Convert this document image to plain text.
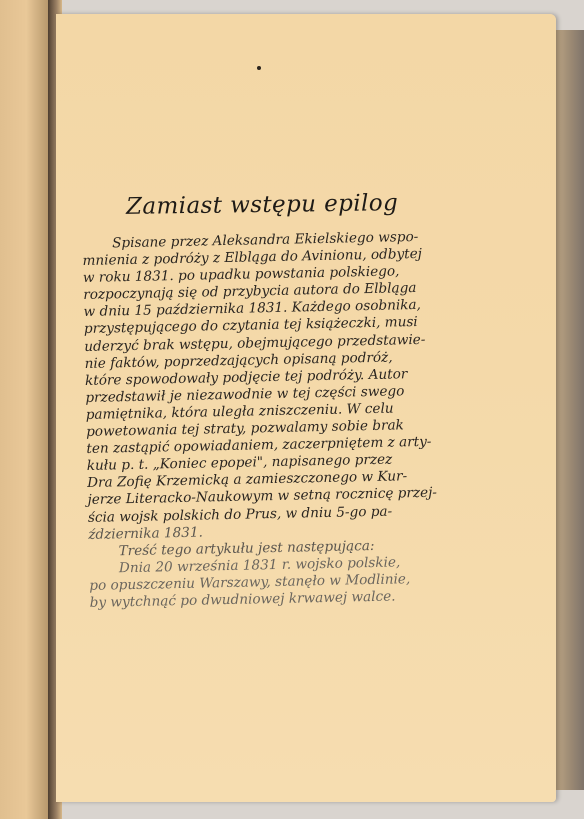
Zamiast wstępu epilog
Spisane przez Aleksandra Ekielskiego wspo-
mnienia z podróży z Elbląga do Avinionu, odbytej
w roku 1831. po upadku powstania polskiego,
rozpoczynają się od przybycia autora do Elbląga
w dniu 15 października 1831. Każdego osobnika,
przystępującego do czytania tej książeczki, musi
uderzyć brak wstępu, obejmującego przedstawie-
nie faktów, poprzedzających opisaną podróż,
które spowodowały podjęcie tej podróży. Autor
przedstawił je niezawodnie w tej części swego
pamiętnika, która uległa zniszczeniu. W celu
powetowania tej straty, pozwalamy sobie brak
ten zastąpić opowiadaniem, zaczerpniętem z arty-
kułu p. t. „Koniec epopei", napisanego przez
Dra Zofię Krzemicką a zamieszczonego w Kur-
jerze Literacko-Naukowym w setną rocznicę przej-
ścia wojsk polskich do Prus, w dniu 5-go pa-
ździernika 1831.
Treść tego artykułu jest następująca:
Dnia 20 września 1831 r. wojsko polskie,
po opuszczeniu Warszawy, stanęło w Modlinie,
by wytchnąć po dwudniowej krwawej walce.
